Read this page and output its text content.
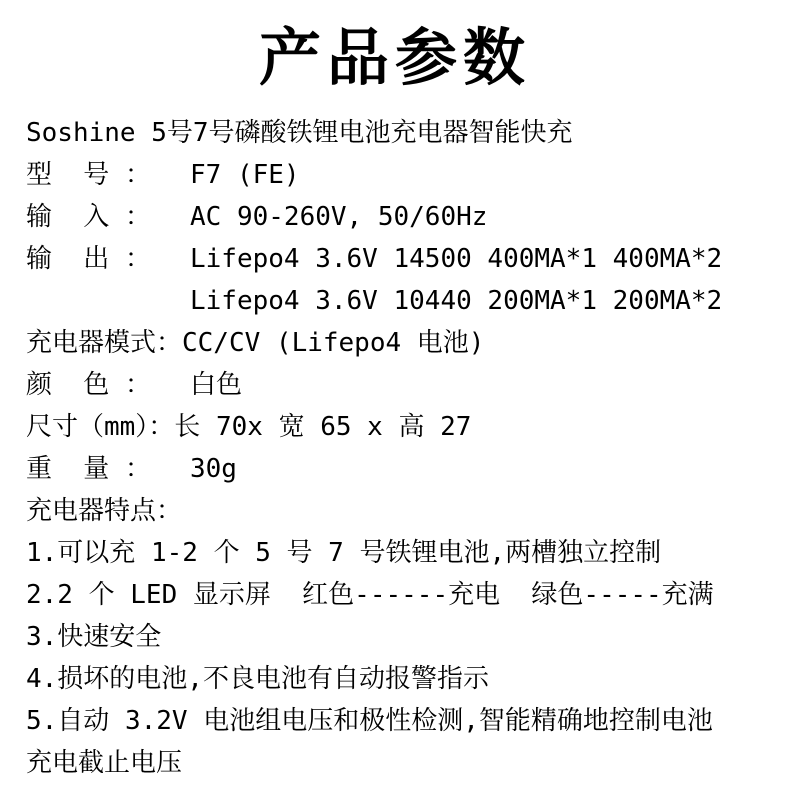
产品参数
Soshine 5号7号磷酸铁锂电池充电器智能快充
型  号 ： F7 (FE)
输  入 ： AC 90-260V, 50/60Hz
输  出 ： Lifepo4 3.6V 14500 400MA*1 400MA*2
Lifepo4 3.6V 10440 200MA*1 200MA*2
充电器模式：CC/CV (Lifepo4 电池)
颜  色 ： 白色
尺寸（mm）：长 70x 宽 65 x 高 27
重  量 ： 30g
充电器特点：
1.可以充 1-2 个 5 号 7 号铁锂电池,两槽独立控制
2.2 个 LED 显示屏  红色------充电  绿色-----充满
3.快速安全
4.损坏的电池,不良电池有自动报警指示
5.自动 3.2V 电池组电压和极性检测,智能精确地控制电池
充电截止电压
